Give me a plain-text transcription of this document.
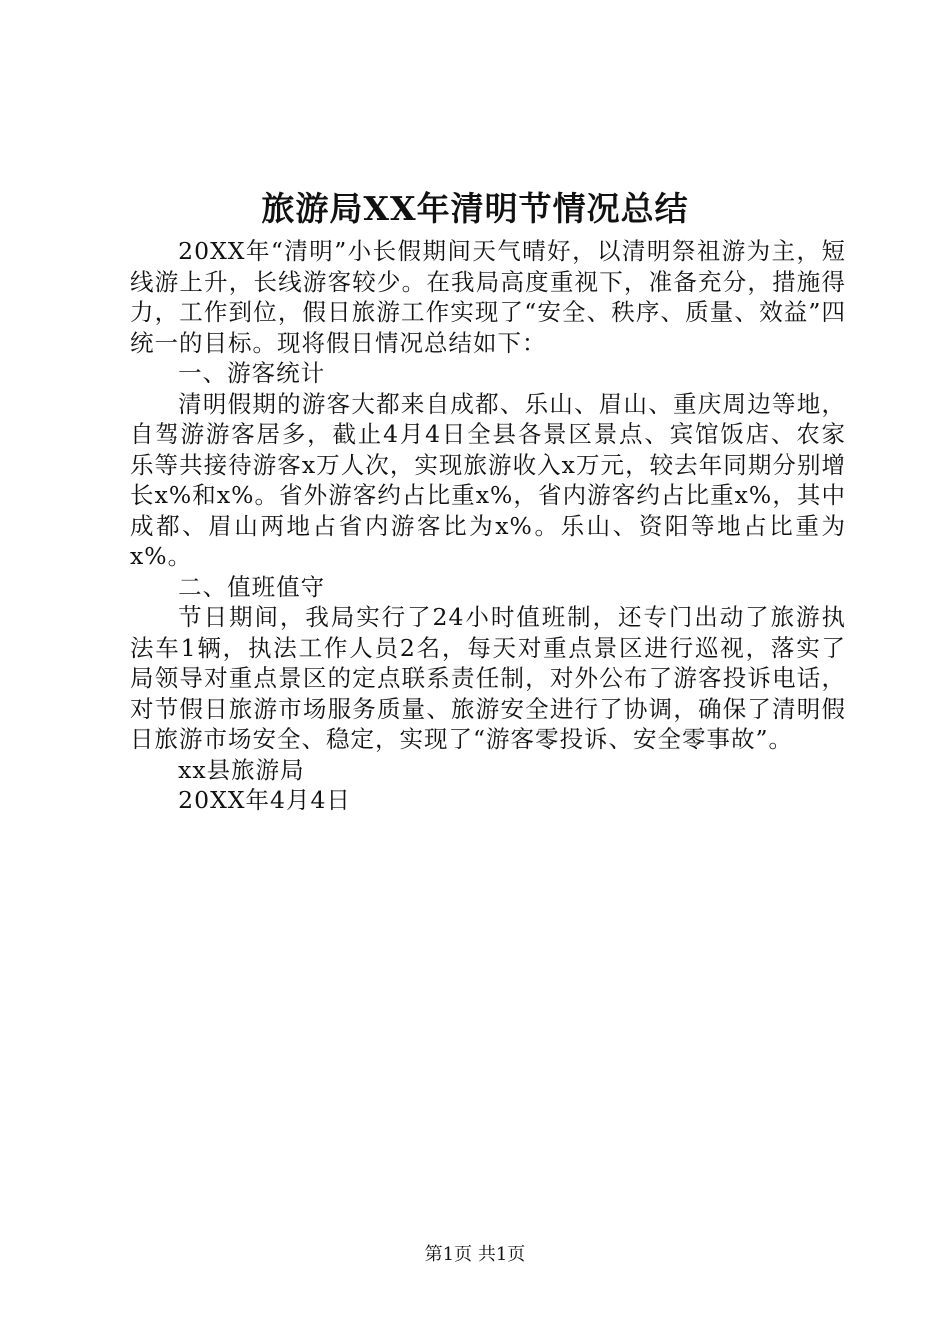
旅游局XX年清明节情况总结

20XX年“清明”小长假期间天气晴好，以清明祭祖游为主，短线游上升，长线游客较少。在我局高度重视下，准备充分，措施得力，工作到位，假日旅游工作实现了“安全、秩序、质量、效益”四统一的目标。现将假日情况总结如下：

一、游客统计

清明假期的游客大都来自成都、乐山、眉山、重庆周边等地，自驾游游客居多，截止4月4日全县各景区景点、宾馆饭店、农家乐等共接待游客x万人次，实现旅游收入x万元，较去年同期分别增长x%和x%。省外游客约占比重x%，省内游客约占比重x%，其中成都、眉山两地占省内游客比为x%。乐山、资阳等地占比重为x%。

二、值班值守

节日期间，我局实行了24小时值班制，还专门出动了旅游执法车1辆，执法工作人员2名，每天对重点景区进行巡视，落实了局领导对重点景区的定点联系责任制，对外公布了游客投诉电话，对节假日旅游市场服务质量、旅游安全进行了协调，确保了清明假日旅游市场安全、稳定，实现了“游客零投诉、安全零事故”。

xx县旅游局

20XX年4月4日

第1页 共1页
